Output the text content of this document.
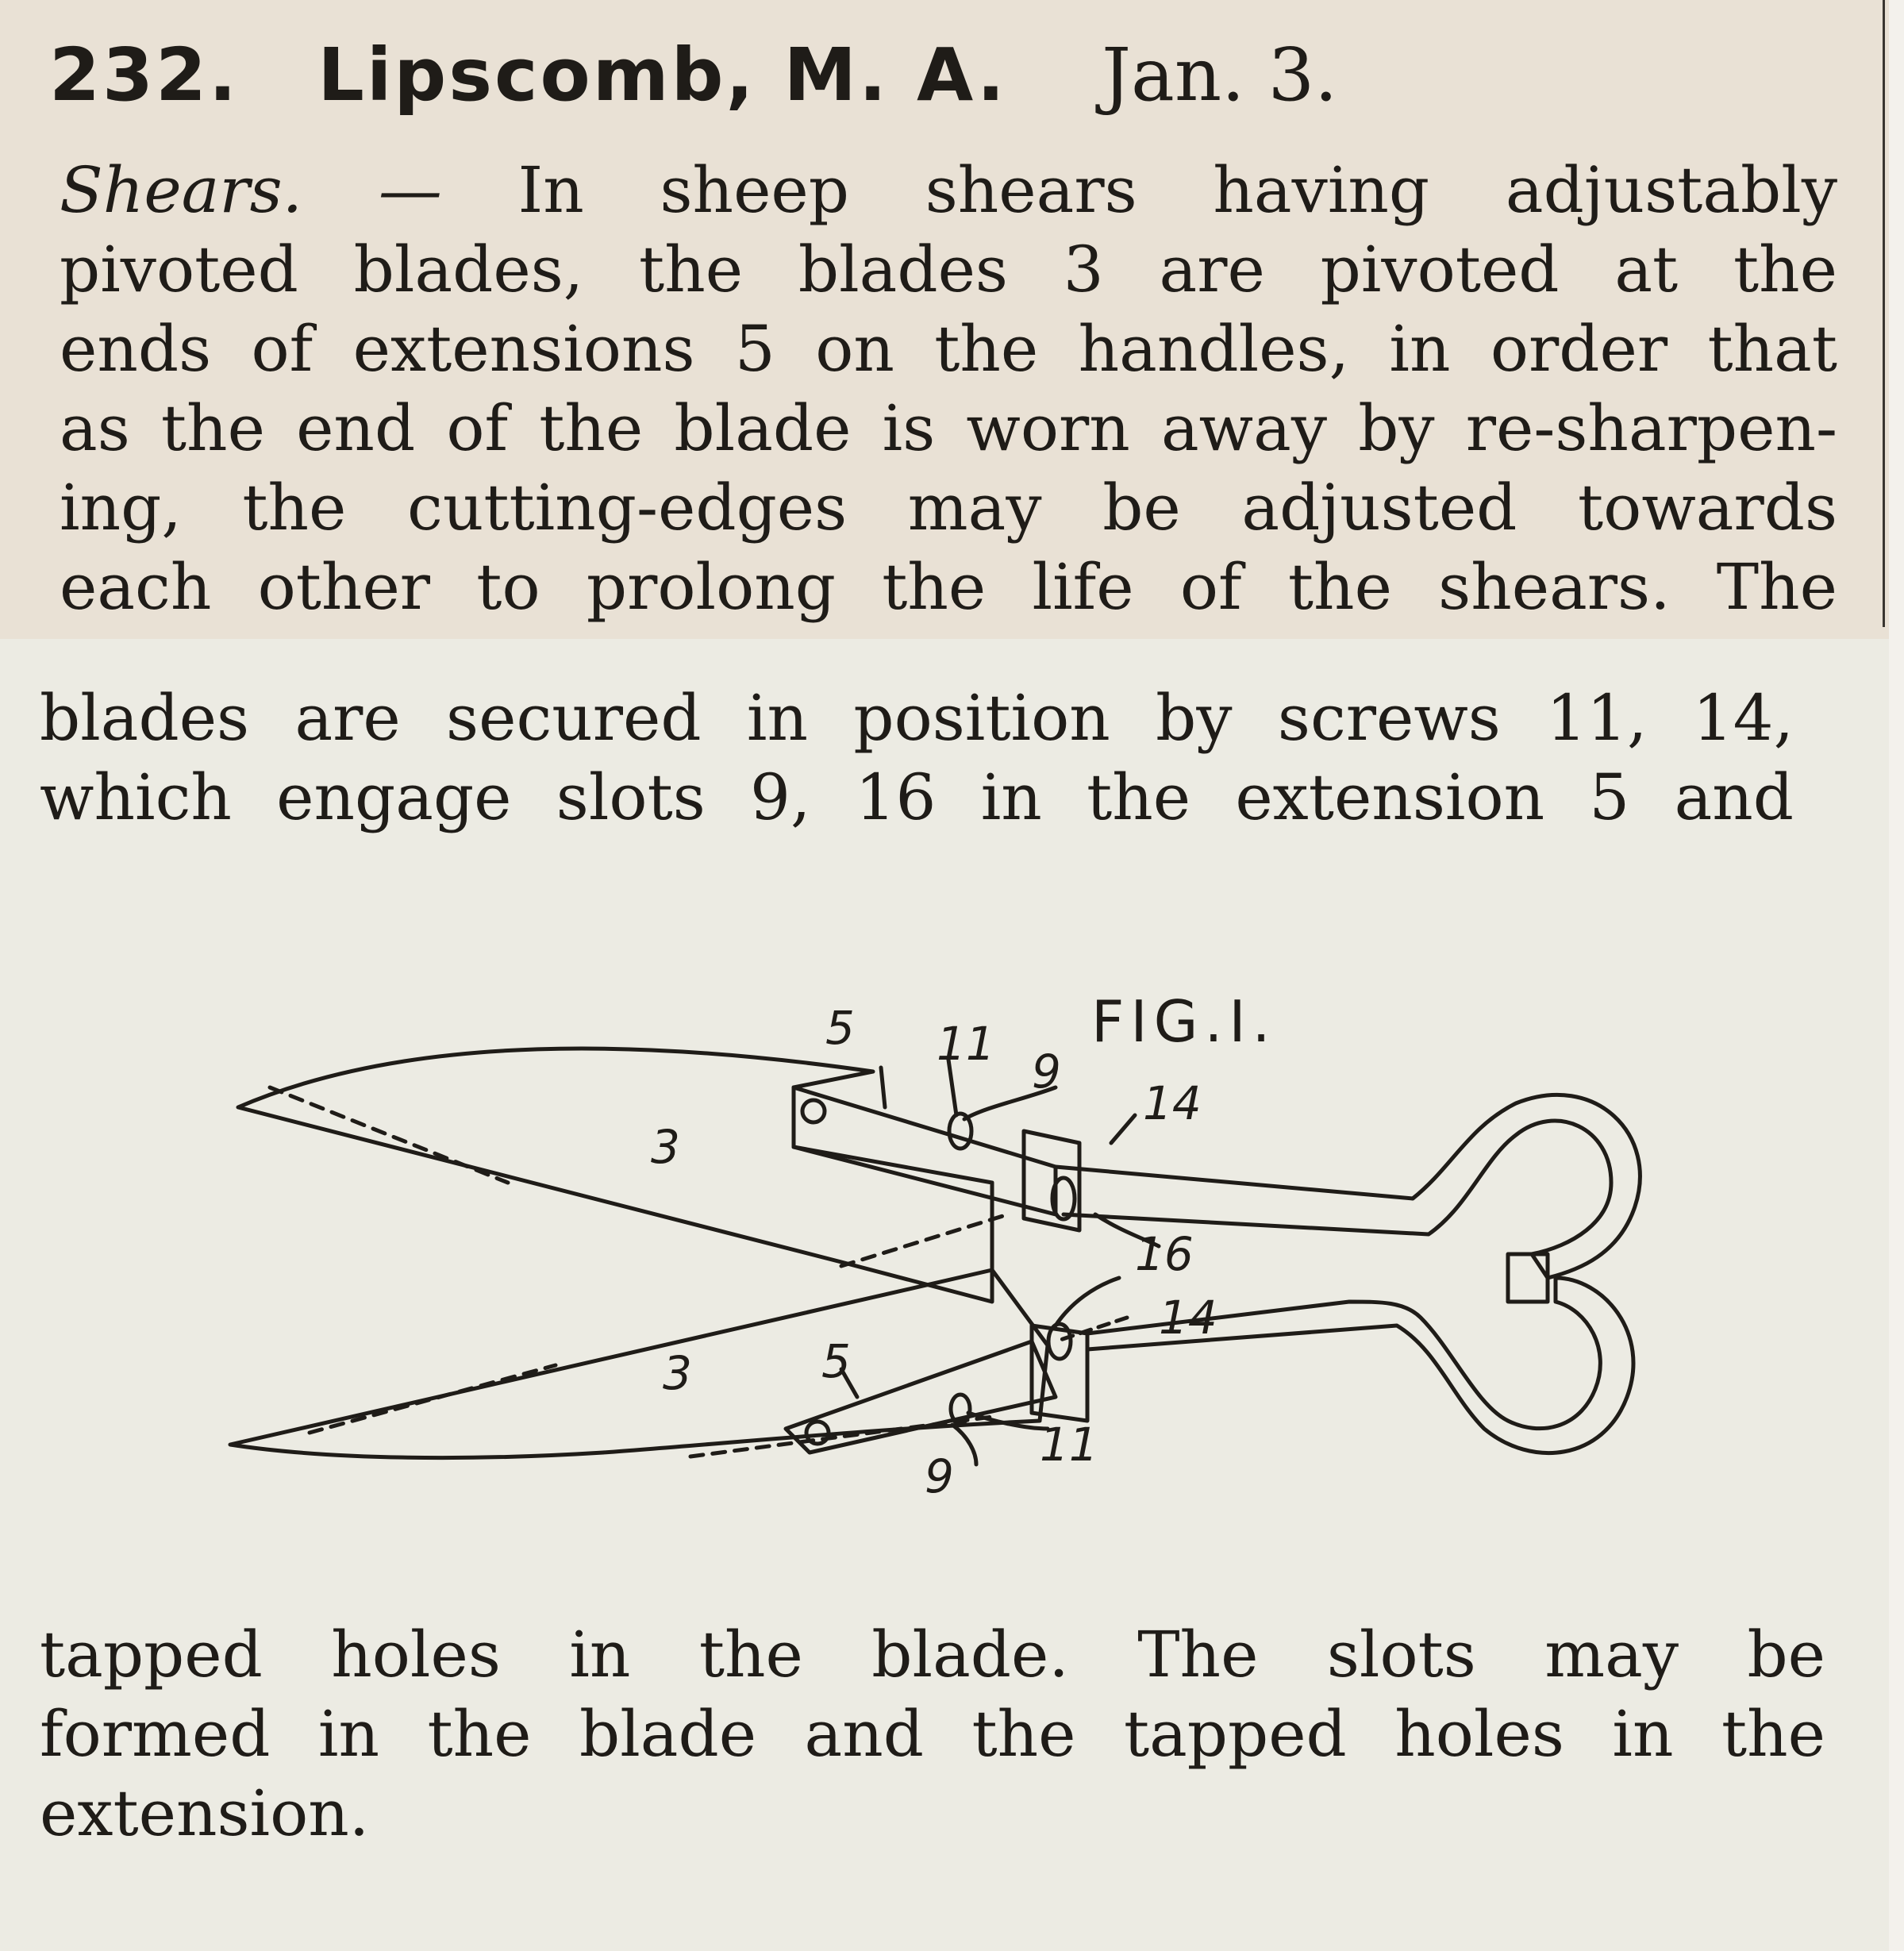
232. Lipscomb, M. A. Jan. 3.
Shears. — In sheep shears having adjustably
pivoted blades, the blades 3 are pivoted at the
ends of extensions 5 on the handles, in order that
as the end of the blade is worn away by re-sharpen-
ing, the cutting-edges may be adjusted towards
each other to prolong the life of the shears. The
blades are secured in position by screws 11, 14,
which engage slots 9, 16 in the extension 5 and
FIG.I.
5 11
9
14
3
16
14
3	5
11
9
tapped holes in the blade. The slots may be
formed in the blade and the tapped holes in the
extension.
